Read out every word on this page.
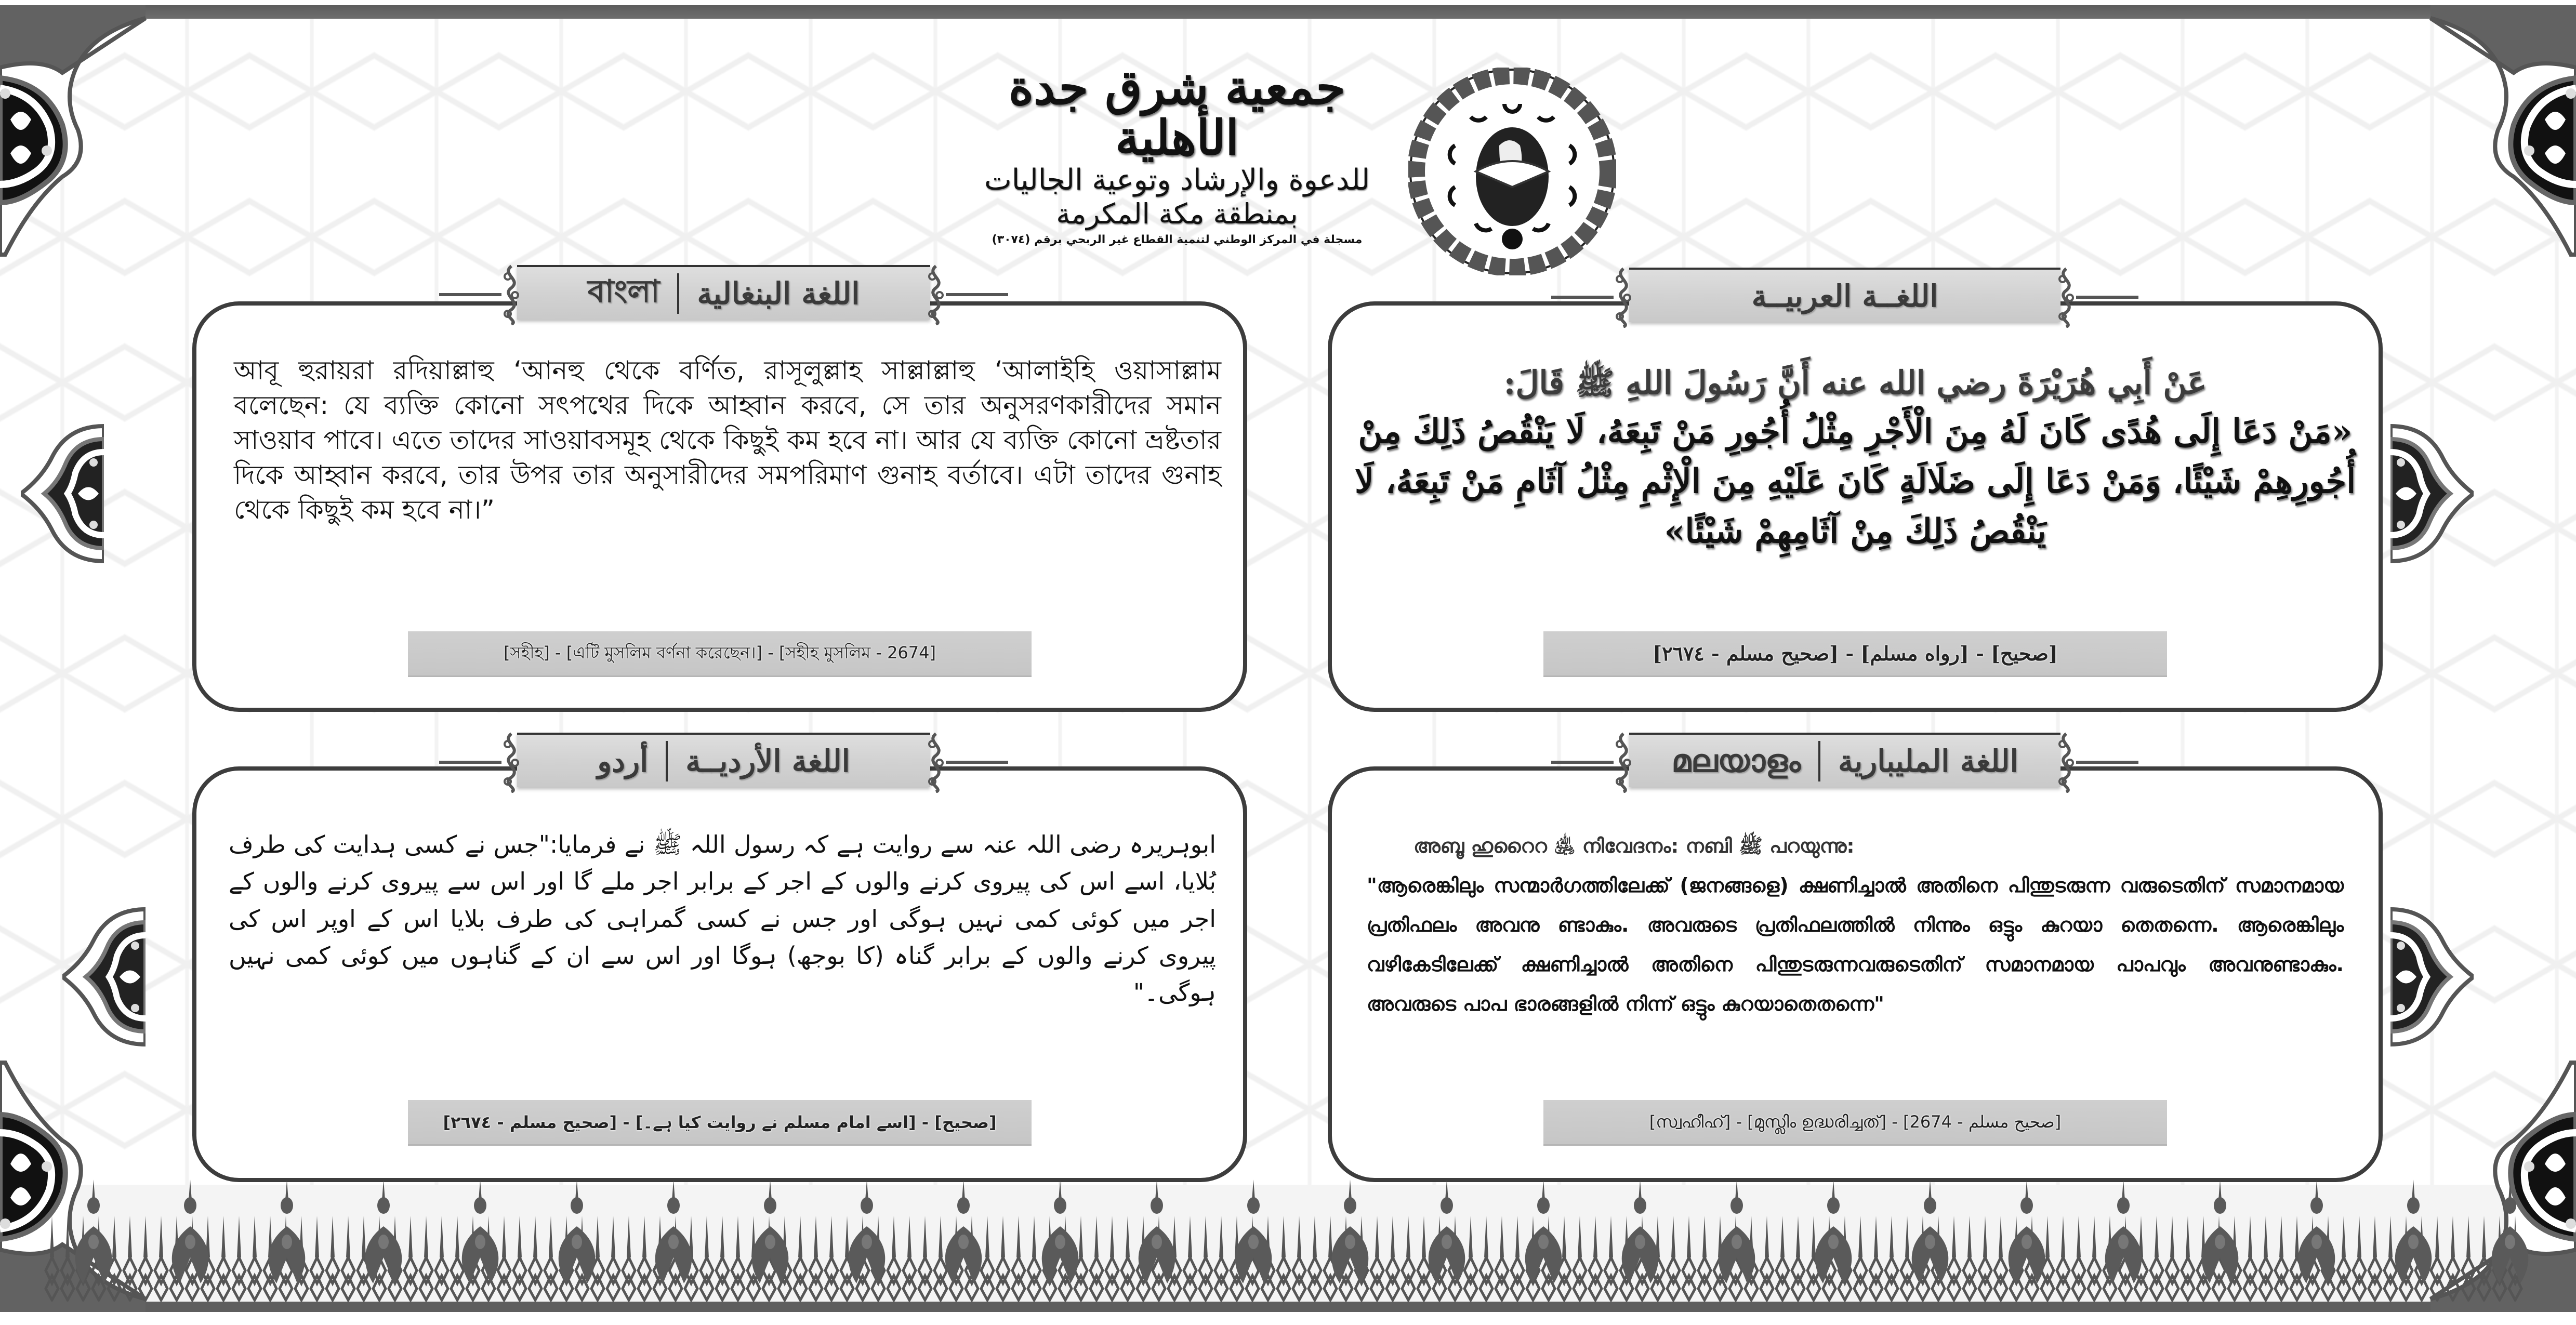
جمعية شرق جدة الأهلية
للدعوة والإرشاد وتوعية الجاليات
بمنطقة مكة المكرمة
مسجلة في المركز الوطني لتنمية القطاع غير الربحي برقم (٣٠٧٤)
বাংলা اللغة البنغالية
আবূ হুরায়রা রদিয়াল্লাহু ‘আনহু থেকে বর্ণিত, রাসূলুল্লাহ সাল্লাল্লাহু ‘আলাইহি ওয়াসাল্লাম বলেছেন: যে ব্যক্তি কোনো সৎপথের দিকে আহ্বান করবে, সে তার অনুসরণকারীদের সমান সাওয়াব পাবে। এতে তাদের সাওয়াবসমূহ থেকে কিছুই কম হবে না। আর যে ব্যক্তি কোনো ভ্রষ্টতার দিকে আহ্বান করবে, তার উপর তার অনুসারীদের সমপরিমাণ গুনাহ বর্তাবে। এটা তাদের গুনাহ থেকে কিছুই কম হবে না।”
[সহীহ] - [এটি মুসলিম বর্ণনা করেছেন।] - [সহীহ মুসলিম - 2674]
اللغــة العربيــة
عَنْ أَبِي هُرَيْرَةَ رضي الله عنه أَنَّ رَسُولَ اللهِ ﷺ قَالَ:
«مَنْ دَعَا إِلَى هُدًى كَانَ لَهُ مِنَ الْأَجْرِ مِثْلُ أُجُورِ مَنْ تَبِعَهُ، لَا يَنْقُصُ ذَلِكَ مِنْ أُجُورِهِمْ شَيْئًا، وَمَنْ دَعَا إِلَى ضَلَالَةٍ كَانَ عَلَيْهِ مِنَ الْإِثْمِ مِثْلُ آثَامِ مَنْ تَبِعَهُ، لَا يَنْقُصُ ذَلِكَ مِنْ آثَامِهِمْ شَيْئًا»
[صحيح] - [رواه مسلم] - [صحيح مسلم - ٢٦٧٤]
أردو اللغة الأرديــة
ابوہریرہ رضی اللہ عنہ سے روایت ہے کہ رسول اللہ ﷺ نے فرمایا:"جس نے کسی ہدایت کی طرف بُلایا، اسے اس کی پیروی کرنے والوں کے اجر کے برابر اجر ملے گا اور اس سے پیروی کرنے والوں کے اجر میں کوئی کمی نہیں ہوگی اور جس نے کسی گمراہی کی طرف بلایا اس کے اوپر اس کی پیروی کرنے والوں کے برابر گناہ (کا بوجھ) ہوگا اور اس سے ان کے گناہوں میں کوئی کمی نہیں ہوگی۔"
[صحیح] - [اسے امام مسلم نے روایت کیا ہے۔] - [صحيح مسلم - ٢٦٧٤]
മലയാളം اللغة المليبارية
അബൂ ഹുറൈറ ﵁ നിവേദനം: നബി ﷺ പറയുന്നു:
"ആരെങ്കിലും സന്മാർഗത്തിലേക്ക് (ജനങ്ങളെ) ക്ഷണിച്ചാൽ അതിനെ പിന്തുടരുന്ന വരുടെതിന് സമാനമായ പ്രതിഫലം അവനു ണ്ടാകും. അവരുടെ പ്രതിഫലത്തിൽ നിന്നും ഒട്ടും കുറയാ തെതന്നെ. ആരെങ്കിലും വഴികേടിലേക്ക് ക്ഷണിച്ചാൽ അതിനെ പിന്തുടരുന്നവരുടെതിന് സമാനമായ പാപവും അവനുണ്ടാകും. അവരുടെ പാപ ഭാരങ്ങളിൽ നിന്ന് ഒട്ടും കുറയാതെതന്നെ"
[സ്വഹീഹ്] - [മുസ്ലിം ഉദ്ധരിച്ചത്] - [صحيح مسلم - 2674]
